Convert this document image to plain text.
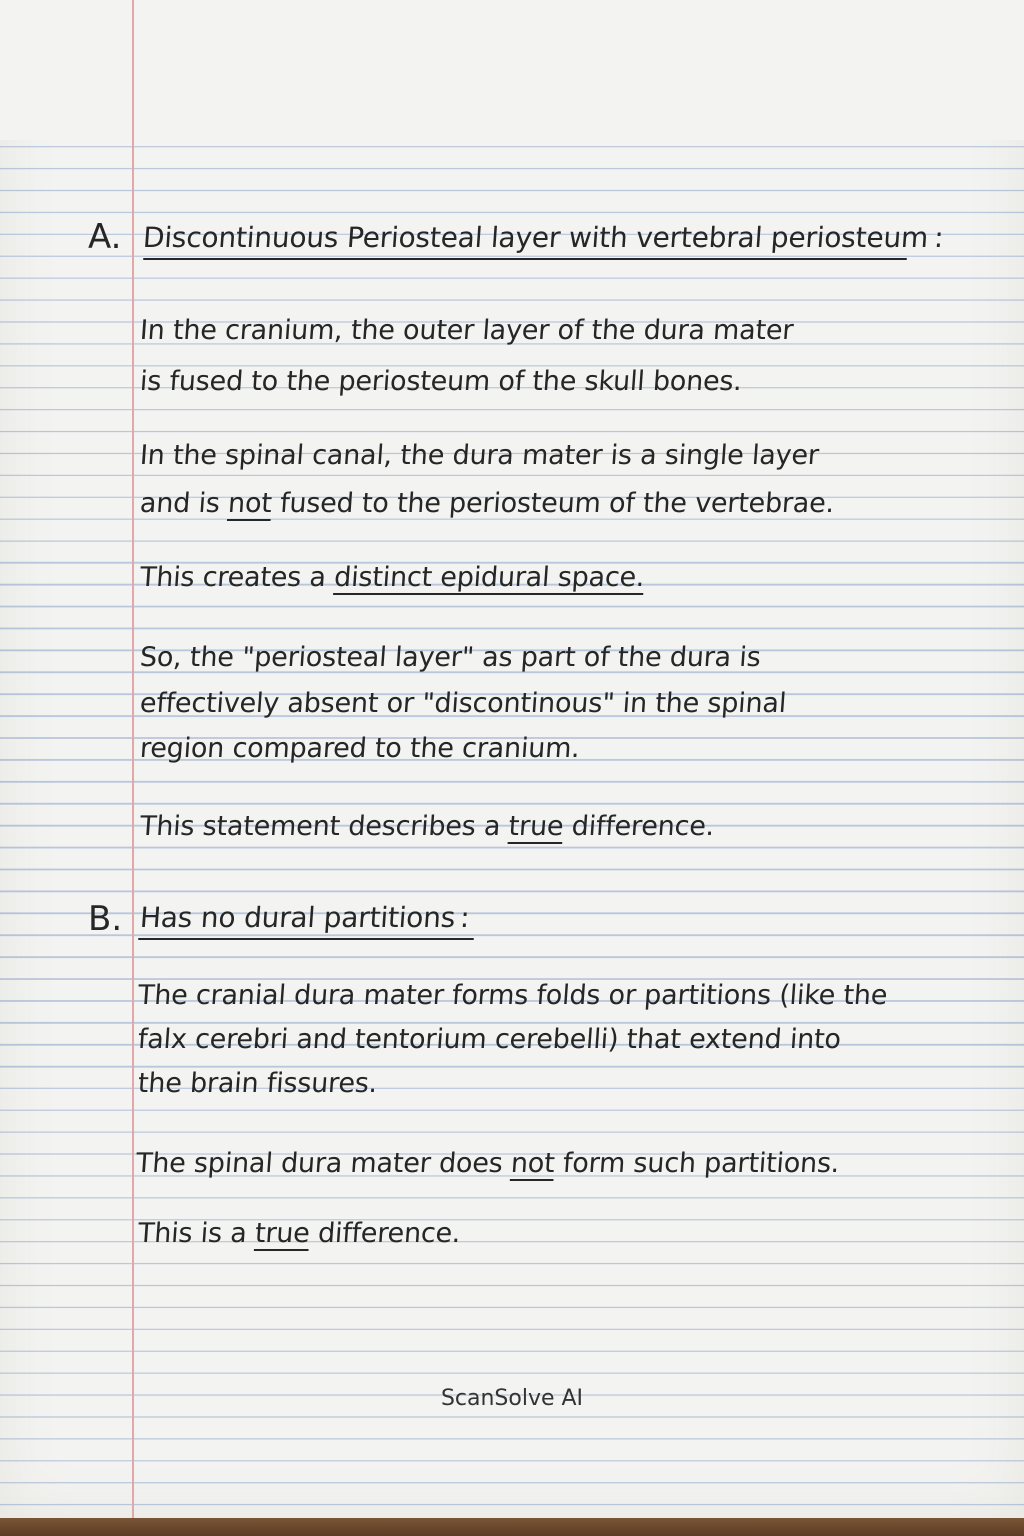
A. Discontinuous Periosteal layer with vertebral periosteum :
In the cranium, the outer layer of the dura mater
is fused to the periosteum of the skull bones.
In the spinal canal, the dura mater is a single layer
and is not fused to the periosteum of the vertebrae.
This creates a distinct epidural space.
So, the "periosteal layer" as part of the dura is
effectively absent or "discontinous" in the spinal
region compared to the cranium.
This statement describes a true difference.
B. Has no dural partitions:
The cranial dura mater forms folds or partitions (like the
falx cerebri and tentorium cerebelli) that extend into
the brain fissures.
The spinal dura mater does not form such partitions.
This is a true difference.
ScanSolve AI
